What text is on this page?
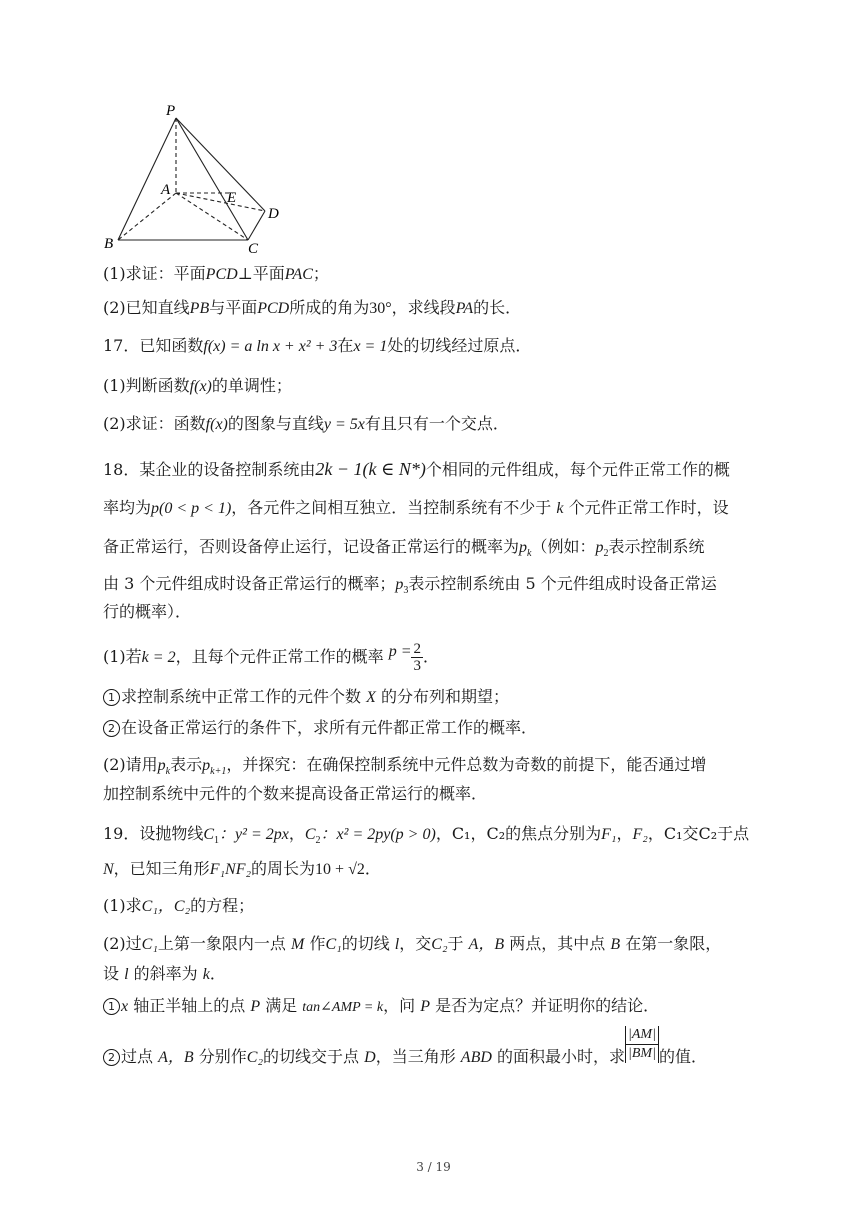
P
A	E
D
B	C
(1)求证：平面PCD⊥平面PAC；
(2)已知直线PB与平面PCD所成的角为30°，求线段PA的长．
17．已知函数f(x) = a ln x + x² + 3在x = 1处的切线经过原点．
(1)判断函数f(x)的单调性；
(2)求证：函数f(x)的图象与直线y = 5x有且只有一个交点．
18．某企业的设备控制系统由2k − 1(k ∈ N*)个相同的元件组成，每个元件正常工作的概
率均为p(0 < p < 1)，各元件之间相互独立．当控制系统有不少于 k 个元件正常工作时，设
备正常运行，否则设备停止运行，记设备正常运行的概率为$p_k$（例如：$p_2$表示控制系统
由 3 个元件组成时设备正常运行的概率；$p_3$表示控制系统由 5 个元件组成时设备正常运
行的概率）．
(1)若k = 2，且每个元件正常工作的概率 $p = \frac{2}{3}$ ．
1 求控制系统中正常工作的元件个数 X 的分布列和期望；
2 在设备正常运行的条件下，求所有元件都正常工作的概率．
(2)请用$p_k$表示$p_{k+1}$，并探究：在确保控制系统中元件总数为奇数的前提下，能否通过增
加控制系统中元件的个数来提高设备正常运行的概率．
19．设抛物线$C_1$：y² = 2px，$C_2$：x² = 2py(p > 0)，C₁，C₂的焦点分别为F₁，F₂，C₁交C₂于点
N，已知三角形F₁NF₂的周长为10 + √2．
(1)求C₁，C₂的方程；
(2)过C₁上第一象限内一点 M 作C₁的切线 l，交C₂于 A，B 两点，其中点 B 在第一象限，
设 l 的斜率为 k．
1 x 轴正半轴上的点 P 满足 tan∠AMP = k，问 P 是否为定点？并证明你的结论．
2 过点 A，B 分别作C₂的切线交于点 D，当三角形 ABD 的面积最小时，求 $\frac{|AM|}{|BM|}$ 的值．
3 / 19
